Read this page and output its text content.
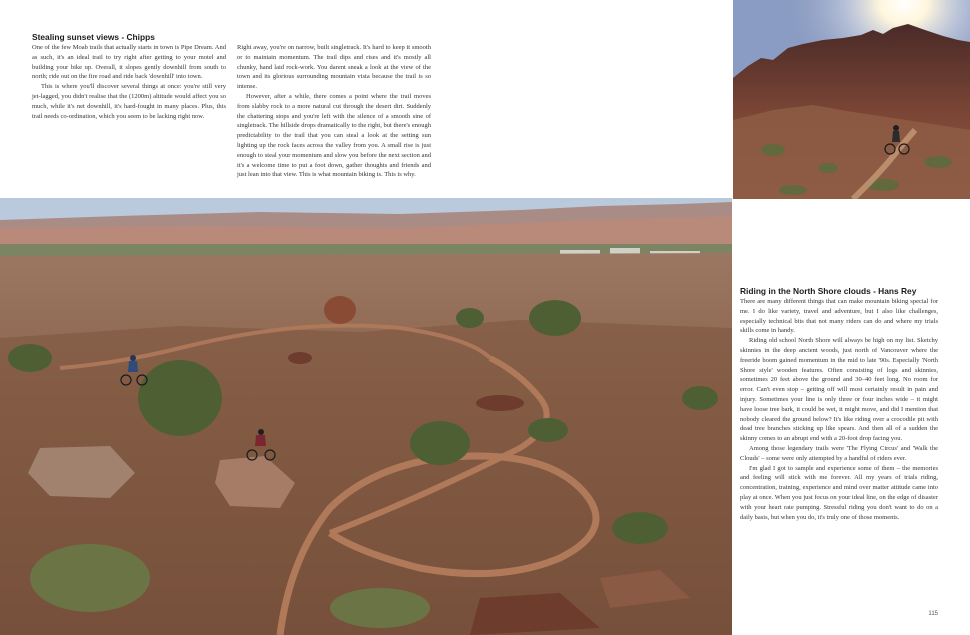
Stealing sunset views - Chipps

One of the few Moab trails that actually starts in town is Pipe Dream. And as such, it's an ideal trail to try right after getting to your motel and building your bike up. Overall, it slopes gently downhill from south to north; ride out on the fire road and ride back 'downhill' into town.

This is where you'll discover several things at once: you're still very jet-lagged, you didn't realise that the (1200m) altitude would affect you so much, while it's net downhill, it's hard-fought in many places. Plus, this trail needs co-ordination, which you seem to be lacking right now.

Right away, you're on narrow, built singletrack. It's hard to keep it smooth or to maintain momentum. The trail dips and rises and it's mostly all chunky, hand laid rock-work. You darent sneak a look at the view of the town and its glorious surrounding mountain vista because the trail is so intense.

However, after a while, there comes a point where the trail moves from slabby rock to a more natural cut through the desert dirt. Suddenly the chattering stops and you're left with the silence of a smooth sine of singletrack. The hillside drops dramatically to the right, but there's enough predictability to the trail that you can steal a look at the setting sun lighting up the rock faces across the valley from you. A small rise is just enough to steal your momentum and slow you before the next section and it's a welcome time to put a foot down, gather thoughts and friends and just lean into that view. This is what mountain biking is. This is why.

Riding in the North Shore clouds - Hans Rey

There are many different things that can make mountain biking special for me. I do like variety, travel and adventure, but I also like challenges, especially technical bits that not many riders can do and where my trials skills come in handy.

Riding old school North Shore will always be high on my list. Sketchy skinnies in the deep ancient woods, just north of Vancouver where the freeride boom gained momentum in the mid to late '90s. Especially 'North Shore style' wooden features. Often consisting of logs and skinnies, sometimes 20 feet above the ground and 30–40 feet long. No room for error. Can't even stop – getting off will most certainly result in pain and injury. Sometimes your line is only three or four inches wide – it might have loose tree bark, it could be wet, it might move, and did I mention that nobody cleared the ground below? It's like riding over a crocodile pit with dead tree branches sticking up like spears. And then all of a sudden the skinny comes to an abrupt end with a 20-foot drop facing you.

Among those legendary trails were 'The Flying Circus' and 'Walk the Clouds' – some were only attempted by a handful of riders ever.

I'm glad I got to sample and experience some of them – the memories and feeling will stick with me forever. All my years of trials riding, concentration, training, experience and mind over matter attitude came into play at once. When you just focus on your ideal line, on the edge of disaster with your heart rate pumping. Stressful riding you don't want to do on a daily basis, but when you do, it's truly one of those moments.

115
